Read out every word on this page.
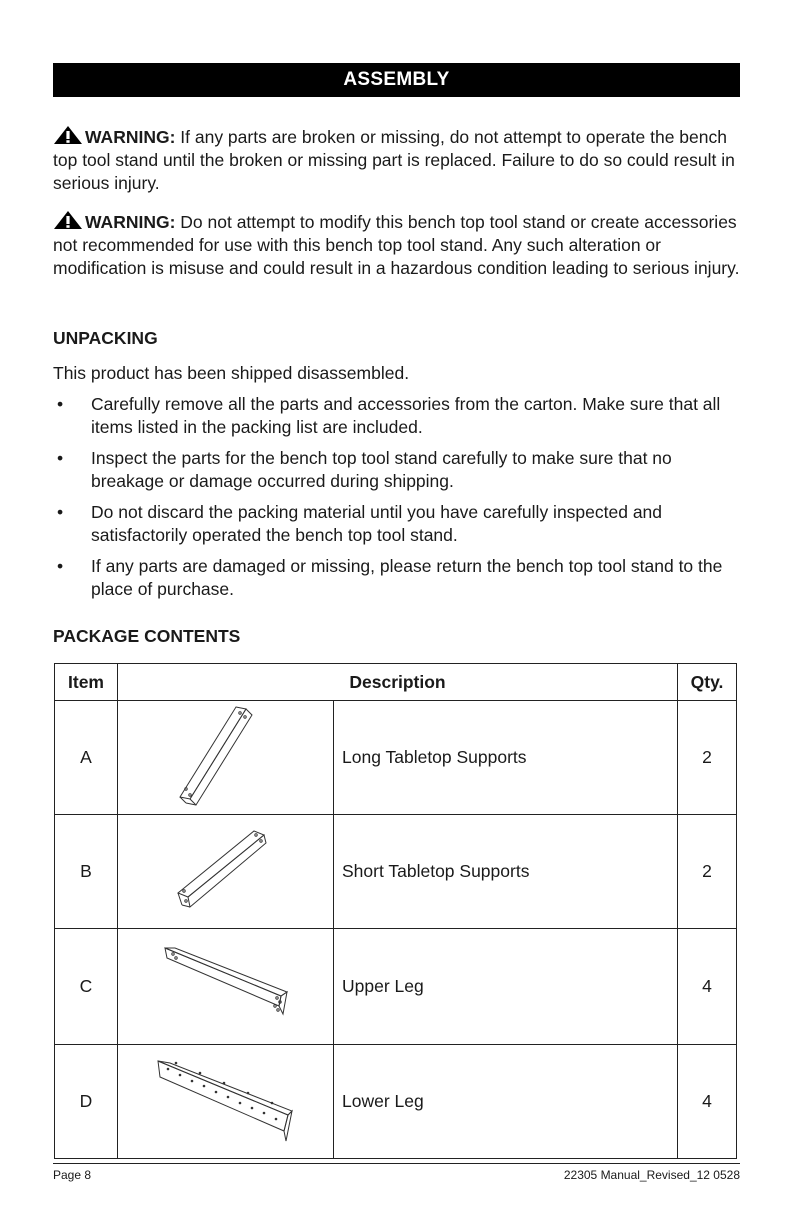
ASSEMBLY

WARNING: If any parts are broken or missing, do not attempt to operate the bench top tool stand until the broken or missing part is replaced. Failure to do so could result in serious injury.

WARNING: Do not attempt to modify this bench top tool stand or create accessories not recommended for use with this bench top tool stand. Any such alteration or modification is misuse and could result in a hazardous condition leading to serious injury.

UNPACKING

This product has been shipped disassembled.

• Carefully remove all the parts and accessories from the carton. Make sure that all items listed in the packing list are included.
• Inspect the parts for the bench top tool stand carefully to make sure that no breakage or damage occurred during shipping.
• Do not discard the packing material until you have carefully inspected and satisfactorily operated the bench top tool stand.
• If any parts are damaged or missing, please return the bench top tool stand to the place of purchase.
PACKAGE CONTENTS
Item	Description		Qty.
A		Long Tabletop Supports	2
B		Short Tabletop Supports	2
C		Upper Leg	4
D		Lower Leg	4
Page 8	22305 Manual_Revised_12 0528
